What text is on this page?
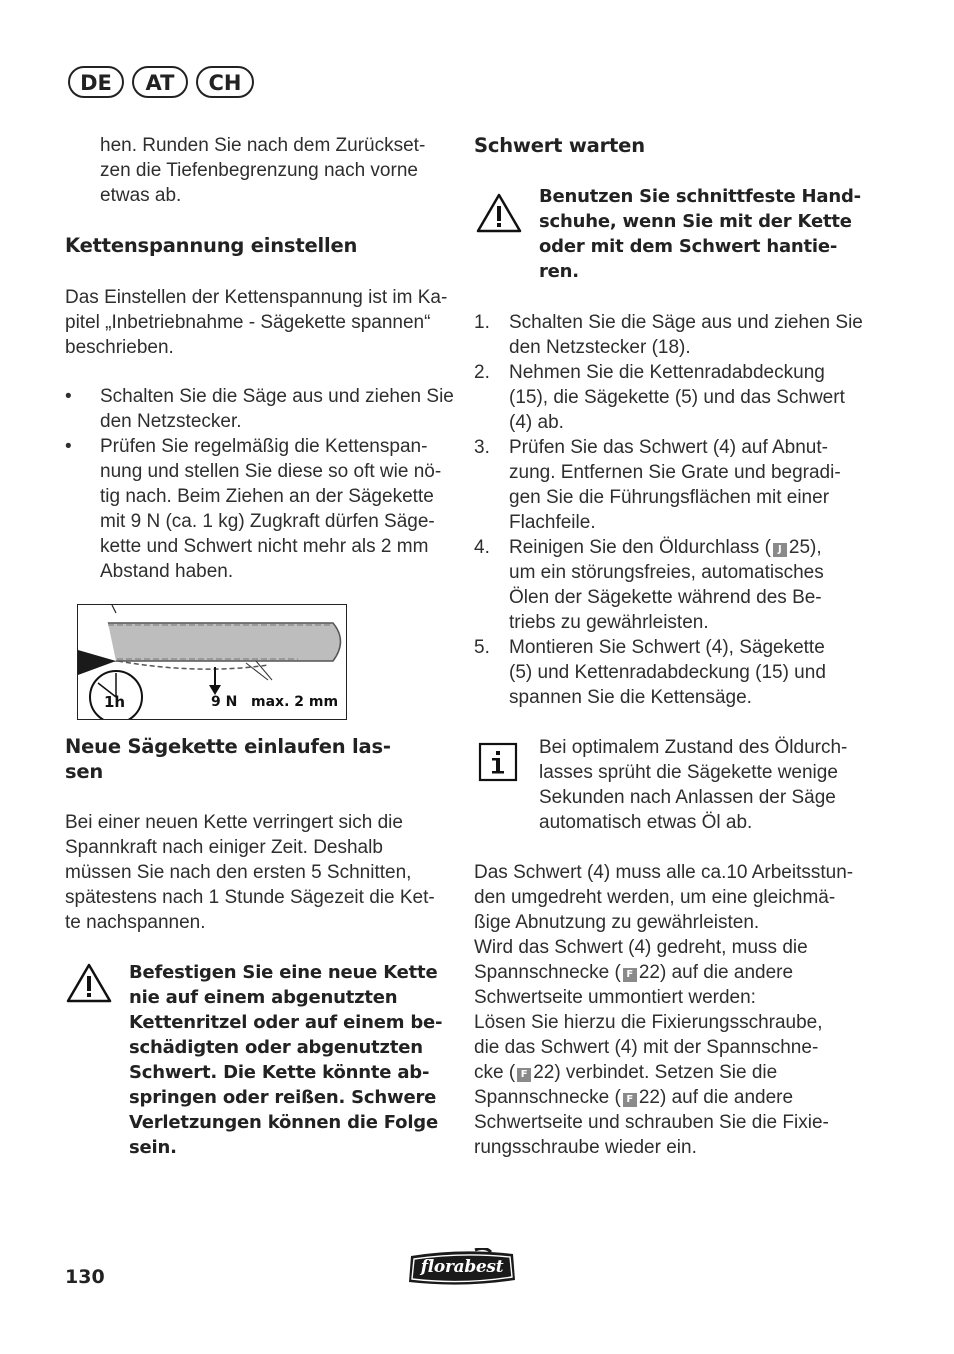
DE	AT	CH
hen. Runden Sie nach dem Zurückset-
zen die Tiefenbegrenzung nach vorne
etwas ab.
Kettenspannung einstellen
Das Einstellen der Kettenspannung ist im Ka-
pitel „Inbetriebnahme - Sägekette spannen“
beschrieben.
• Schalten Sie die Säge aus und ziehen Sie
den Netzstecker.
• Prüfen Sie regelmäßig die Kettenspan-
nung und stellen Sie diese so oft wie nö-
tig nach. Beim Ziehen an der Sägekette
mit 9 N (ca. 1 kg) Zugkraft dürfen Säge-
kette und Schwert nicht mehr als 2 mm
Abstand haben.
1h	9 N max. 2 mm
Neue Sägekette einlaufen las-
sen
Bei einer neuen Kette verringert sich die
Spannkraft nach einiger Zeit. Deshalb
müssen Sie nach den ersten 5 Schnitten,
spätestens nach 1 Stunde Sägezeit die Ket-
te nachspannen.
Befestigen Sie eine neue Kette
nie auf einem abgenutzten
Kettenritzel oder auf einem be-
schädigten oder abgenutzten
Schwert. Die Kette könnte ab-
springen oder reißen. Schwere
Verletzungen können die Folge
sein.
Schwert warten
Benutzen Sie schnittfeste Hand-
schuhe, wenn Sie mit der Kette
oder mit dem Schwert hantie-
ren.
1. Schalten Sie die Säge aus und ziehen Sie
den Netzstecker (18).
2. Nehmen Sie die Kettenradabdeckung
(15), die Sägekette (5) und das Schwert
(4) ab.
3. Prüfen Sie das Schwert (4) auf Abnut-
zung. Entfernen Sie Grate und begradi-
gen Sie die Führungsflächen mit einer
Flachfeile.
4. Reinigen Sie den Öldurchlass ( J 25),
um ein störungsfreies, automatisches
Ölen der Sägekette während des Be-
triebs zu gewährleisten.
5. Montieren Sie Schwert (4), Sägekette
(5) und Kettenradabdeckung (15) und
spannen Sie die Kettensäge.
Bei optimalem Zustand des Öldurch-
lasses sprüht die Sägekette wenige
Sekunden nach Anlassen der Säge
automatisch etwas Öl ab.
Das Schwert (4) muss alle ca.10 Arbeitsstun-
den umgedreht werden, um eine gleichmä-
ßige Abnutzung zu gewährleisten.
Wird das Schwert (4) gedreht, muss die
Spannschnecke ( F 22) auf die andere
Schwertseite ummontiert werden:
Lösen Sie hierzu die Fixierungsschraube,
die das Schwert (4) mit der Spannschne-
cke ( F 22) verbindet. Setzen Sie die
Spannschnecke ( F 22) auf die andere
Schwertseite und schrauben Sie die Fixie-
rungsschraube wieder ein.
130	florabest
